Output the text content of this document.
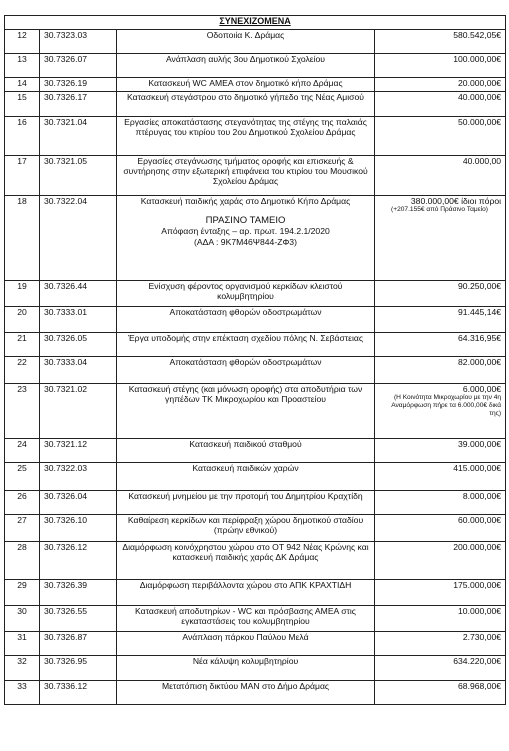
ΣΥΝΕΧΙΖΟΜΕΝΑ			
12	30.7323.03	Οδοποιία Κ. Δράμας	580.542,05€
13	30.7326.07	Ανάπλαση αυλής 3ου Δημοτικού Σχολείου	100.000,00€
14	30.7326.19	Κατασκευή WC ΑΜΕΑ στον δημοτικό κήπο Δράμας	20.000,00€
15	30.7326.17	Κατασκευή στεγάστρου στο δημοτικό γήπεδο της Νέας Αμισού	40.000,00€
16	30.7321.04	Εργασίες αποκατάστασης στεγανότητας της στέγης της παλαιάς πτέρυγας του κτιρίου του 2ου Δημοτικού Σχολείου Δράμας	50.000,00€
17	30.7321.05	Εργασίες στεγάνωσης τμήματος οροφής και επισκευής & συντήρησης στην εξωτερική επιφάνεια του κτιρίου του Μουσικού Σχολείου Δράμας	40.000,00
18	30.7322.04	Κατασκευή παιδικής χαράς στο Δημοτικό Κήπο Δράμας
ΠΡΑΣΙΝΟ ΤΑΜΕΙΟ
Απόφαση ένταξης – αρ. πρωτ. 194.2.1/2020
(ΑΔΑ : 9Κ7Μ46Ψ844-ΖΦ3)	380.000,00€ ίδιοι πόροι
(+207.155€ από Πράσινο Ταμείο)

19	30.7326.44	Ενίσχυση φέροντος οργανισμού κερκίδων κλειστού κολυμβητηρίου	90.250,00€
20	30.7333.01	Αποκατάσταση φθορών οδοστρωμάτων	91.445,14€
21	30.7326.05	Έργα υποδομής στην επέκταση σχεδίου πόλης Ν. Σεβάστειας	64.316,95€
22	30.7333.04	Αποκατάσταση φθορών οδοστρωμάτων	82.000,00€
23	30.7321.02	Κατασκευή στέγης (και μόνωση οροφής) στα αποδυτήρια των γηπέδων ΤΚ Μικροχωρίου και Προαστείου	6.000,00€
(Η Κοινότητα Μικροχωρίου με την 4η Αναμόρφωση πήρε τα 6.000,00€ δικά της)

24	30.7321.12	Κατασκευή παιδικού σταθμού	39.000,00€
25	30.7322.03	Κατασκευή παιδικών χαρών	415.000,00€
26	30.7326.04	Κατασκευή μνημείου με την προτομή του Δημητρίου Κραχτίδη	8.000,00€
27	30.7326.10	Καθαίρεση κερκίδων και περίφραξη χώρου δημοτικού σταδίου (πρώην εθνικού)	60.000,00€
28	30.7326.12	Διαμόρφωση κοινόχρηστου χώρου στο ΟΤ 942 Νέας Κρώνης και κατασκευή παιδικής χαράς ΔΚ Δράμας	200.000,00€
29	30.7326.39	Διαμόρφωση περιβάλλοντα χώρου στο ΑΠΚ ΚΡΑΧΤΙΔΗ	175.000,00€
30	30.7326.55	Κατασκευή αποδυτηρίων - WC και πρόσβασης ΑΜΕΑ στις εγκαταστάσεις του κολυμβητηρίου	10.000,00€
31	30.7326.87	Ανάπλαση πάρκου Παύλου Μελά	2.730,00€
32	30.7326.95	Νέα κάλυψη κολυμβητηρίου	634.220,00€
33	30.7336.12	Μετατόπιση δικτύου ΜΑΝ στο Δήμο Δράμας	68.968,00€
